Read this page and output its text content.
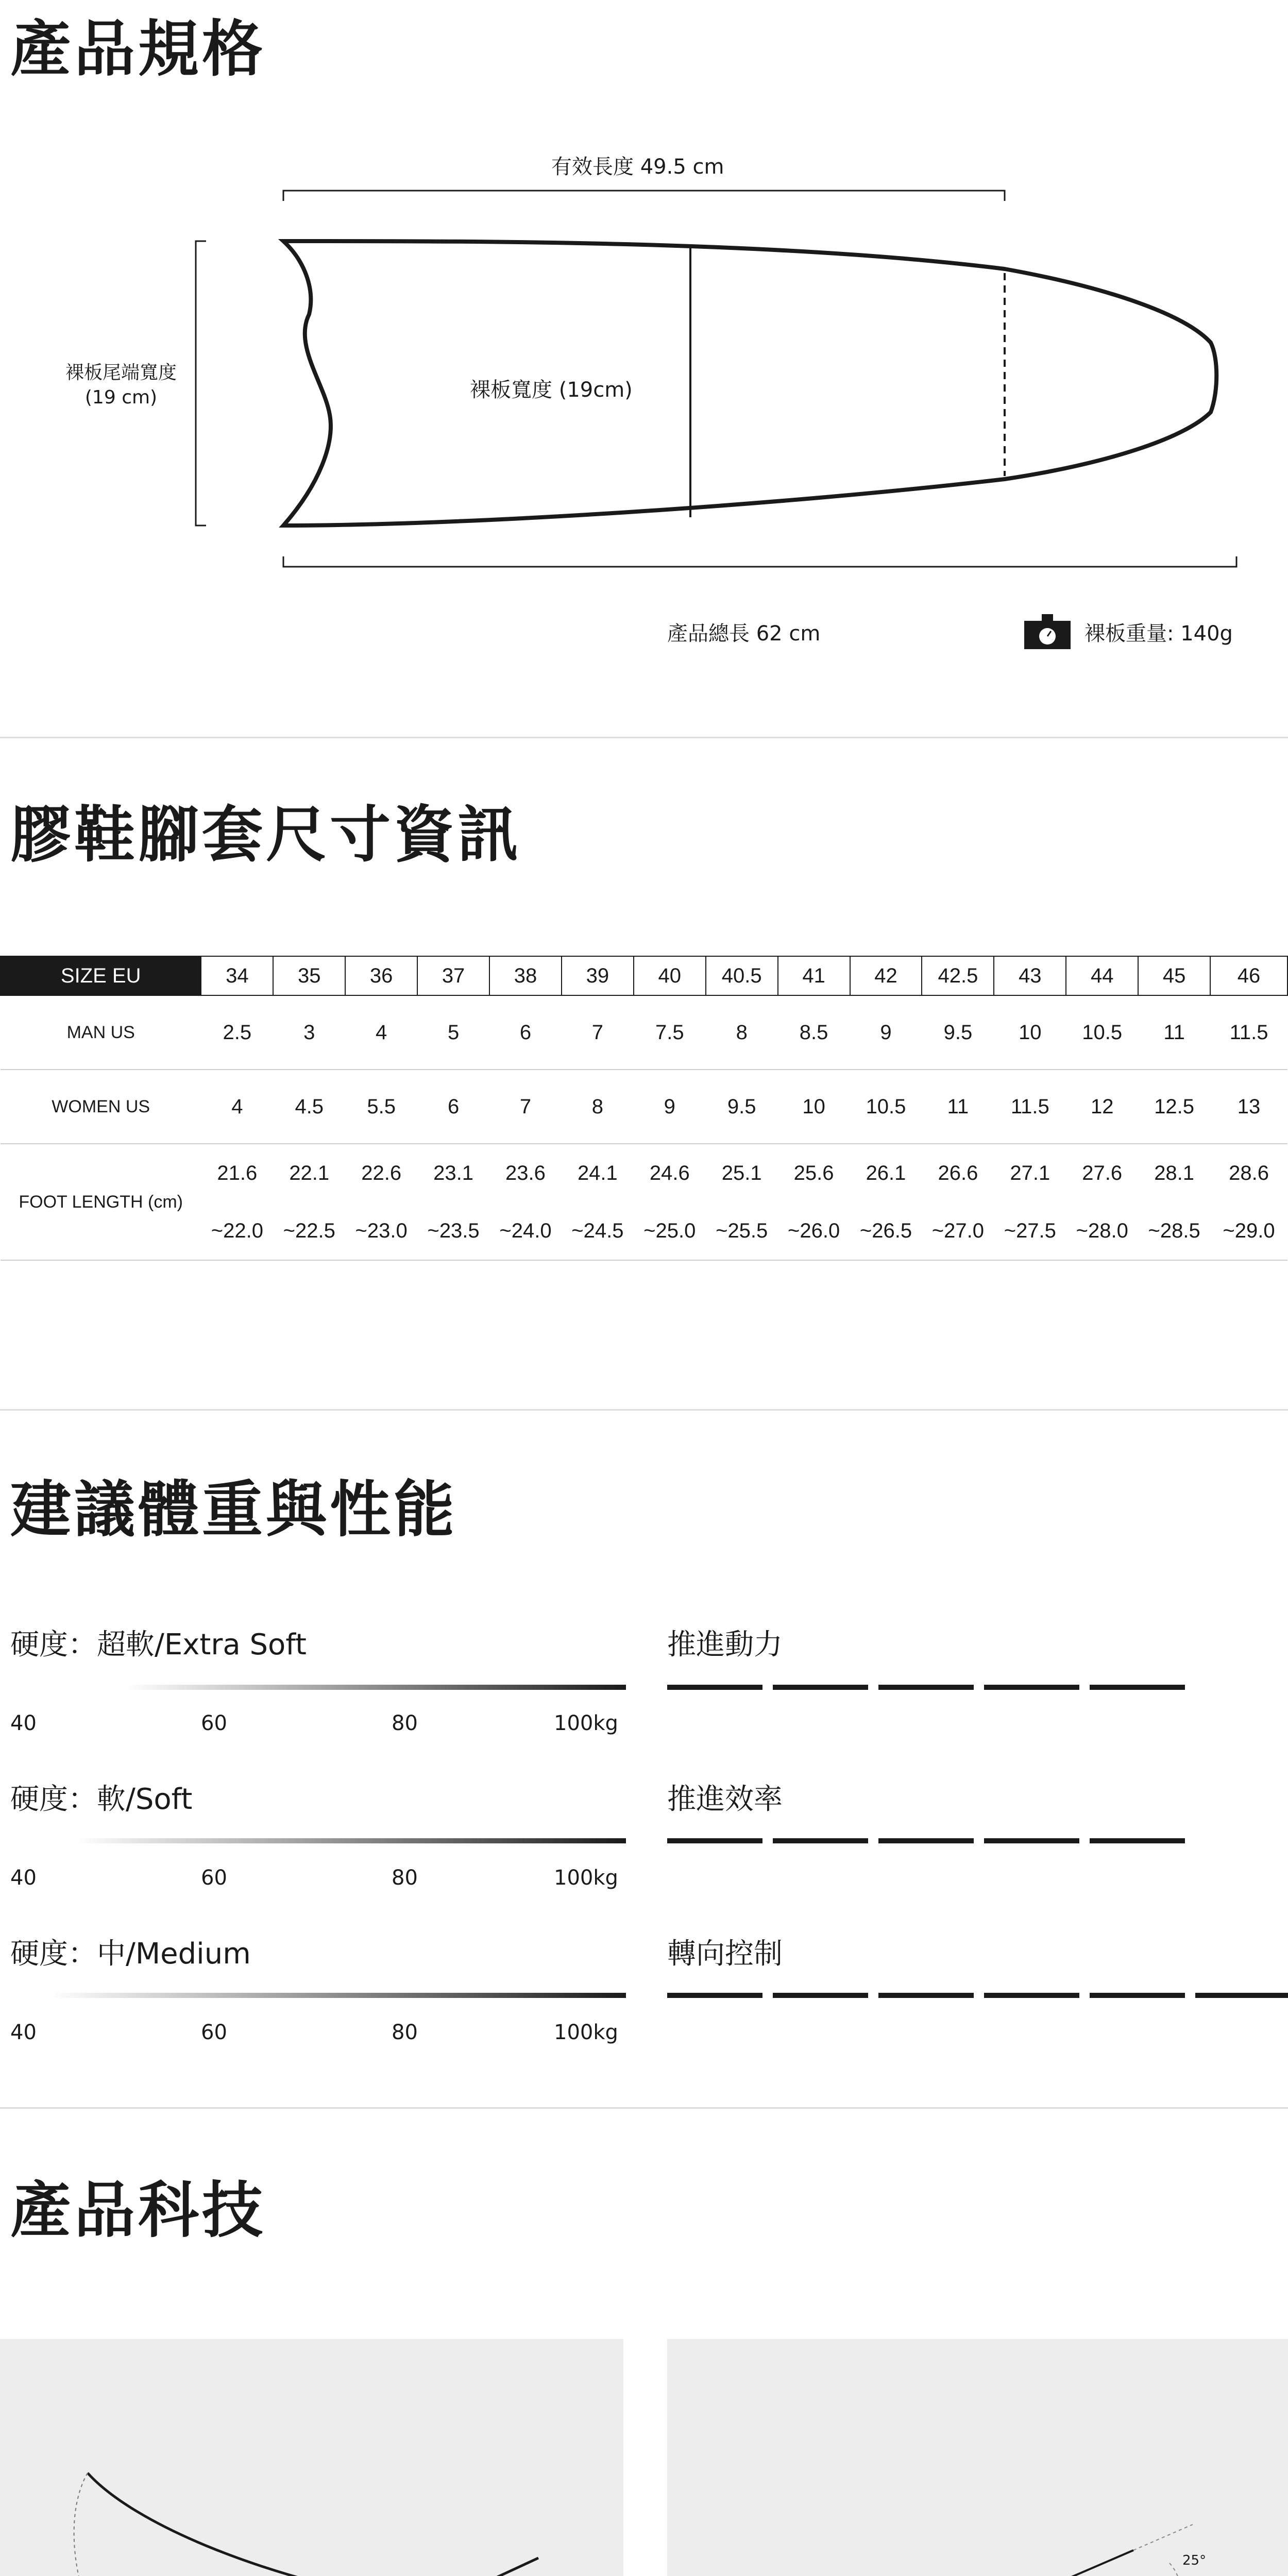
產品規格
有效長度 49.5 cm
裸板尾端寬度
(19 cm)	裸板寬度 (19cm)
產品總長 62 cm	裸板重量: 140g
膠鞋腳套尺寸資訊
SIZE EU	34	35	36	37	38	39	40	40.5	41	42	42.5	43	44	45	46
MAN US	2.5	3	4	5	6	7	7.5	8	8.5	9	9.5	10	10.5	11	11.5
WOMEN US	4	4.5	5.5	6	7	8	9	9.5	10	10.5	11	11.5	12	12.5	13
FOOT LENGTH (cm)	21.6	22.1	22.6	23.1	23.6	24.1	24.6	25.1	25.6	26.1	26.6	27.1	27.6	28.1	28.6
	~22.0	~22.5	~23.0	~23.5	~24.0	~24.5	~25.0	~25.5	~26.0	~26.5	~27.0	~27.5	~28.0	~28.5	~29.0
建議體重與性能
硬度：超軟/Extra Soft	推進動力
40	60	80	100kg
硬度：軟/Soft	推進效率
40	60	80	100kg
硬度：中/Medium	轉向控制
40	60	80	100kg
產品科技
25°
